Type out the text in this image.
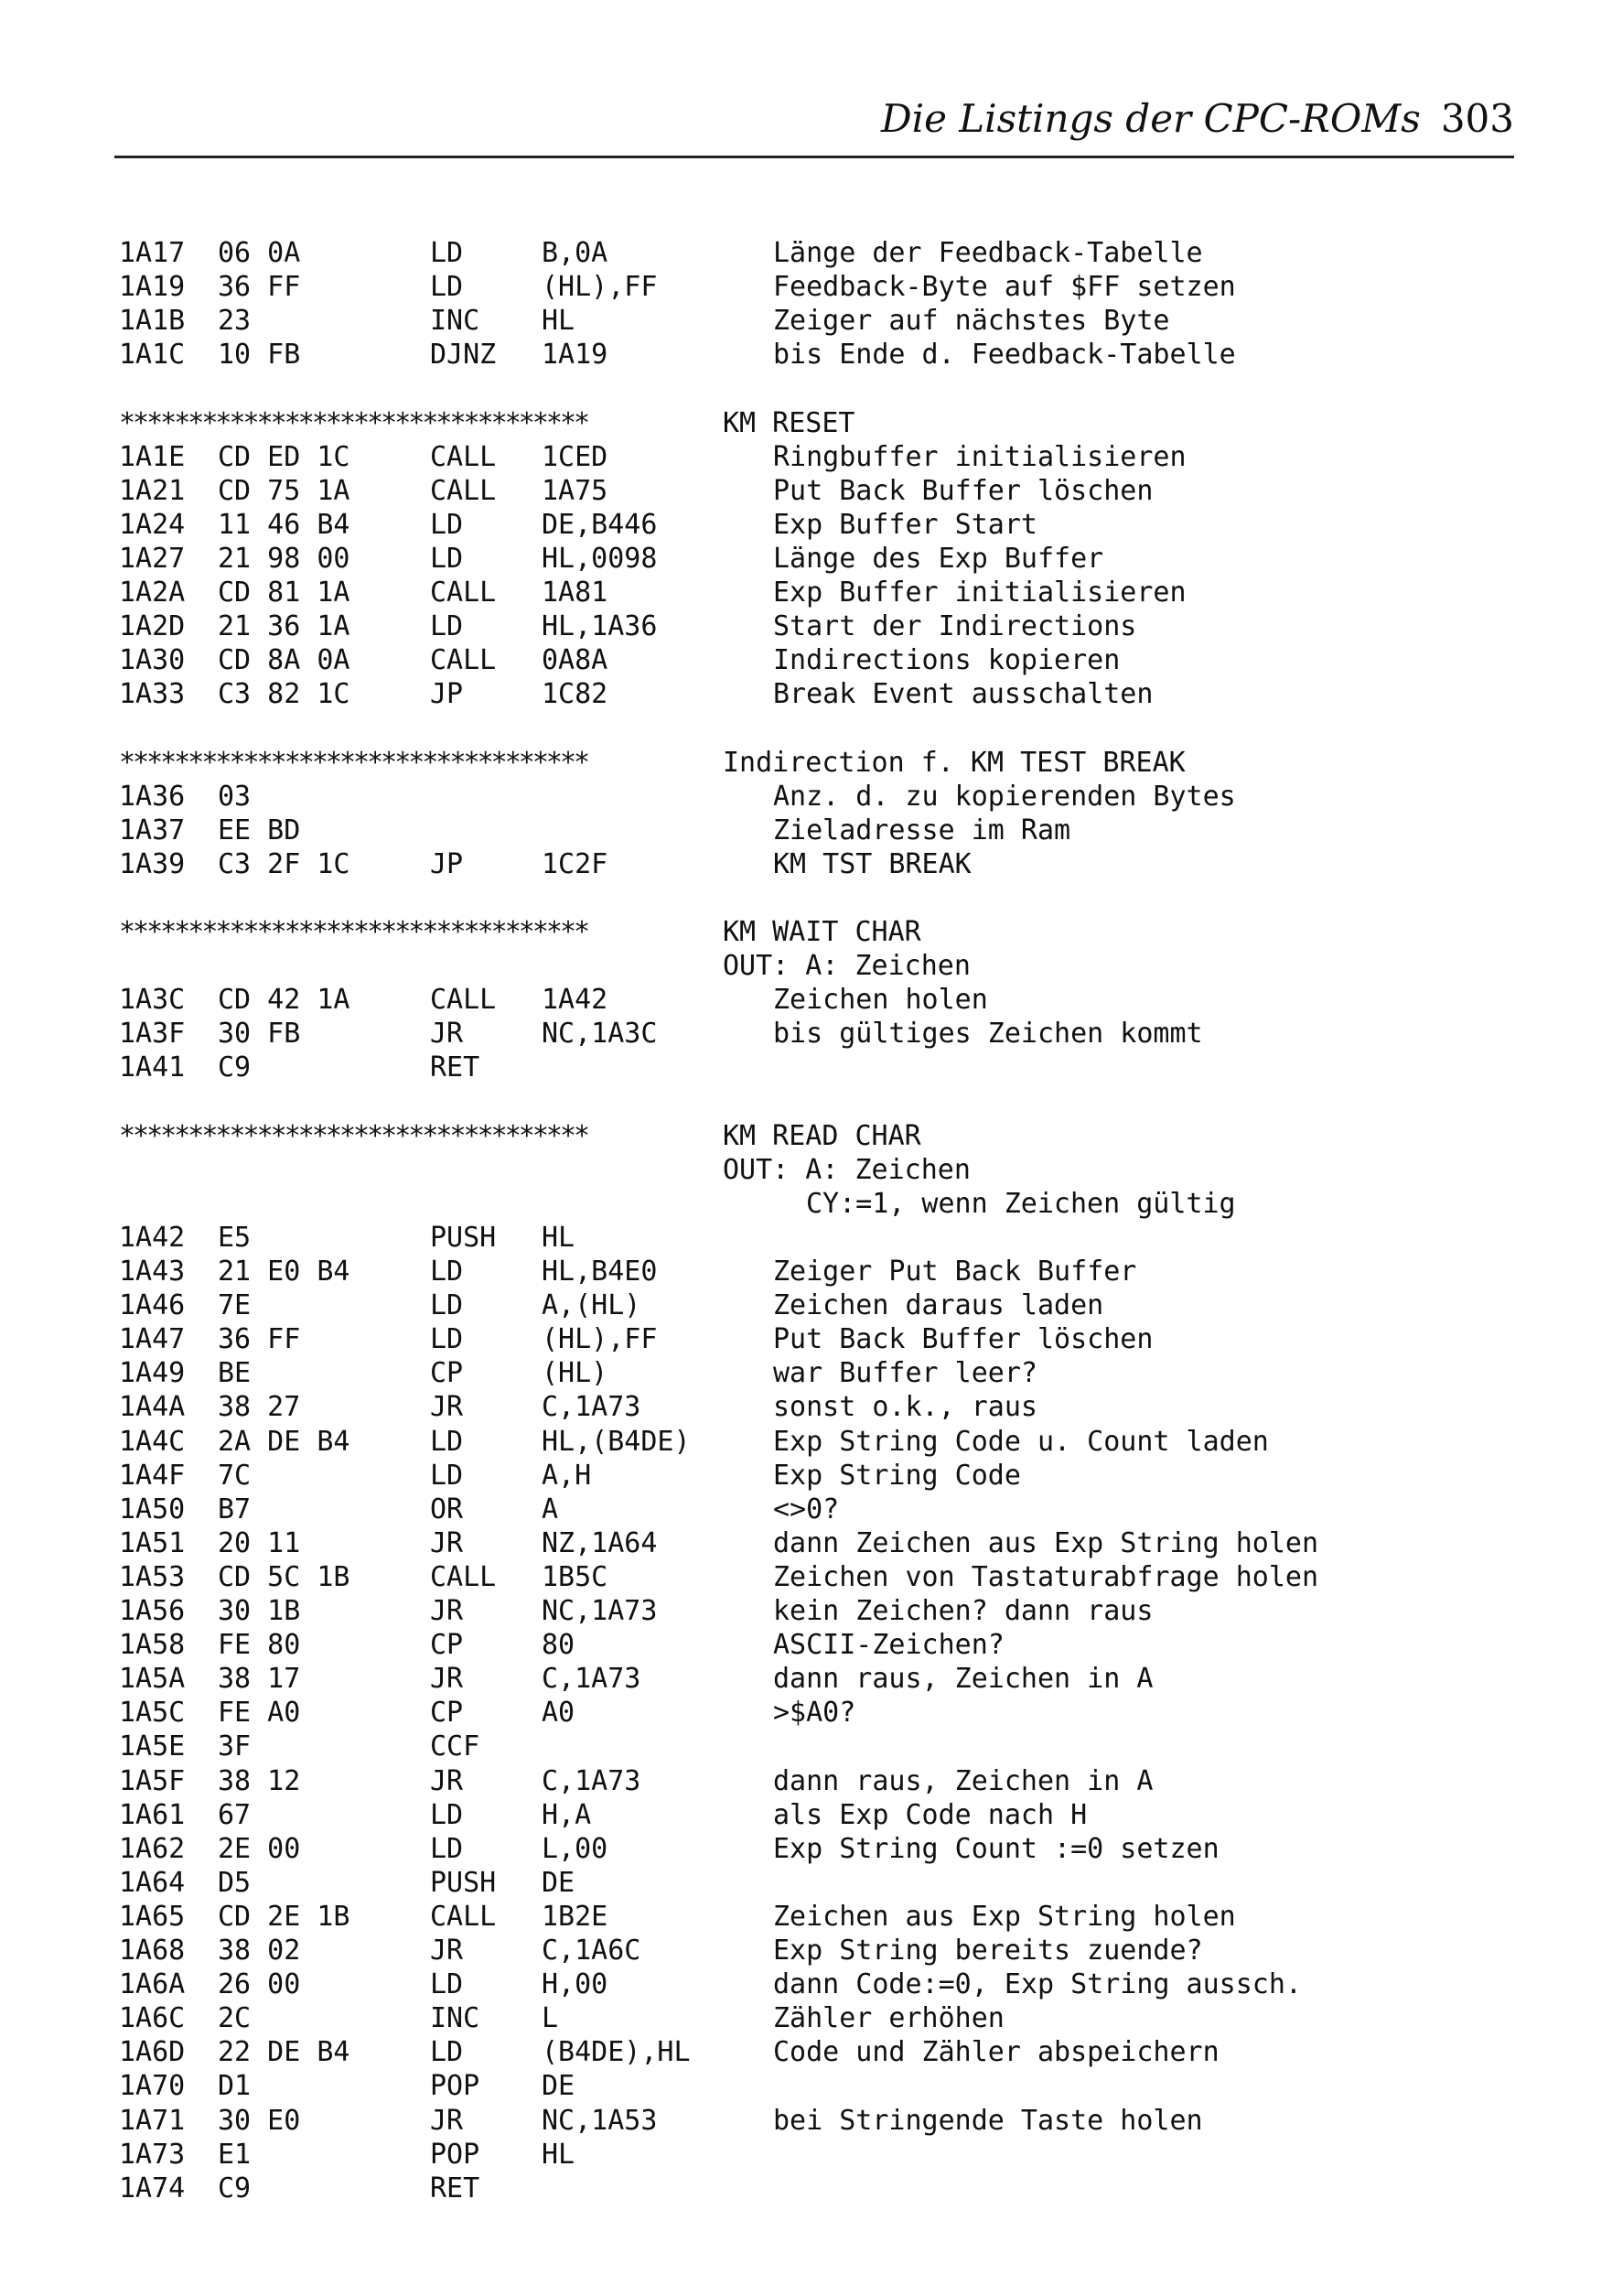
Die Listings der CPC-ROMs 303
1A17 06 0A	LD	B,0A	Länge der Feedback-Tabelle
1A19 36 FF	LD	(HL),FF	Feedback-Byte auf $FF setzen
1A1B 23	INC HL	Zeiger auf nächstes Byte
1A1C 10 FB	DJNZ 1A19	bis Ende d. Feedback-Tabelle
**********************************	KM RESET
1A1E CD ED 1C	CALL 1CED	Ringbuffer initialisieren
1A21 CD 75 1A	CALL 1A75	Put Back Buffer löschen
1A24 11 46 B4	LD	DE,B446	Exp Buffer Start
1A27 21 98 00	LD	HL,0098	Länge des Exp Buffer
1A2A CD 81 1A	CALL 1A81	Exp Buffer initialisieren
1A2D 21 36 1A	LD	HL,1A36	Start der Indirections
1A30 CD 8A 0A	CALL 0A8A	Indirections kopieren
1A33 C3 82 1C	JP	1C82	Break Event ausschalten
**********************************	Indirection f. KM TEST BREAK
1A36 03	Anz. d. zu kopierenden Bytes
1A37 EE BD	Zieladresse im Ram
1A39 C3 2F 1C	JP	1C2F	KM TST BREAK
**********************************	KM WAIT CHAR
OUT: A: Zeichen
1A3C CD 42 1A	CALL 1A42	Zeichen holen
1A3F 30 FB	JR	NC,1A3C	bis gültiges Zeichen kommt
1A41 C9	RET
**********************************	KM READ CHAR
OUT: A: Zeichen
CY:=1, wenn Zeichen gültig
1A42 E5	PUSH HL
1A43 21 E0 B4	LD	HL,B4E0	Zeiger Put Back Buffer
1A46 7E	LD	A,(HL)	Zeichen daraus laden
1A47 36 FF	LD	(HL),FF	Put Back Buffer löschen
1A49 BE	CP	(HL)	war Buffer leer?
1A4A 38 27	JR	C,1A73	sonst o.k., raus
1A4C 2A DE B4	LD	HL,(B4DE)	Exp String Code u. Count laden
1A4F 7C	LD	A,H	Exp String Code
1A50 B7	OR	A	<>0?
1A51 20 11	JR	NZ,1A64	dann Zeichen aus Exp String holen
1A53 CD 5C 1B	CALL 1B5C	Zeichen von Tastaturabfrage holen
1A56 30 1B	JR	NC,1A73	kein Zeichen? dann raus
1A58 FE 80	CP	80	ASCII-Zeichen?
1A5A 38 17	JR	C,1A73	dann raus, Zeichen in A
1A5C FE A0	CP	A0	>$A0?
1A5E 3F	CCF
1A5F 38 12	JR	C,1A73	dann raus, Zeichen in A
1A61 67	LD	H,A	als Exp Code nach H
1A62 2E 00	LD	L,00	Exp String Count :=0 setzen
1A64 D5	PUSH DE
1A65 CD 2E 1B	CALL 1B2E	Zeichen aus Exp String holen
1A68 38 02	JR	C,1A6C	Exp String bereits zuende?
1A6A 26 00	LD	H,00	dann Code:=0, Exp String aussch.
1A6C 2C	INC L	Zähler erhöhen
1A6D 22 DE B4	LD	(B4DE),HL	Code und Zähler abspeichern
1A70 D1	POP DE
1A71 30 E0	JR	NC,1A53	bei Stringende Taste holen
1A73 E1	POP HL
1A74 C9	RET
